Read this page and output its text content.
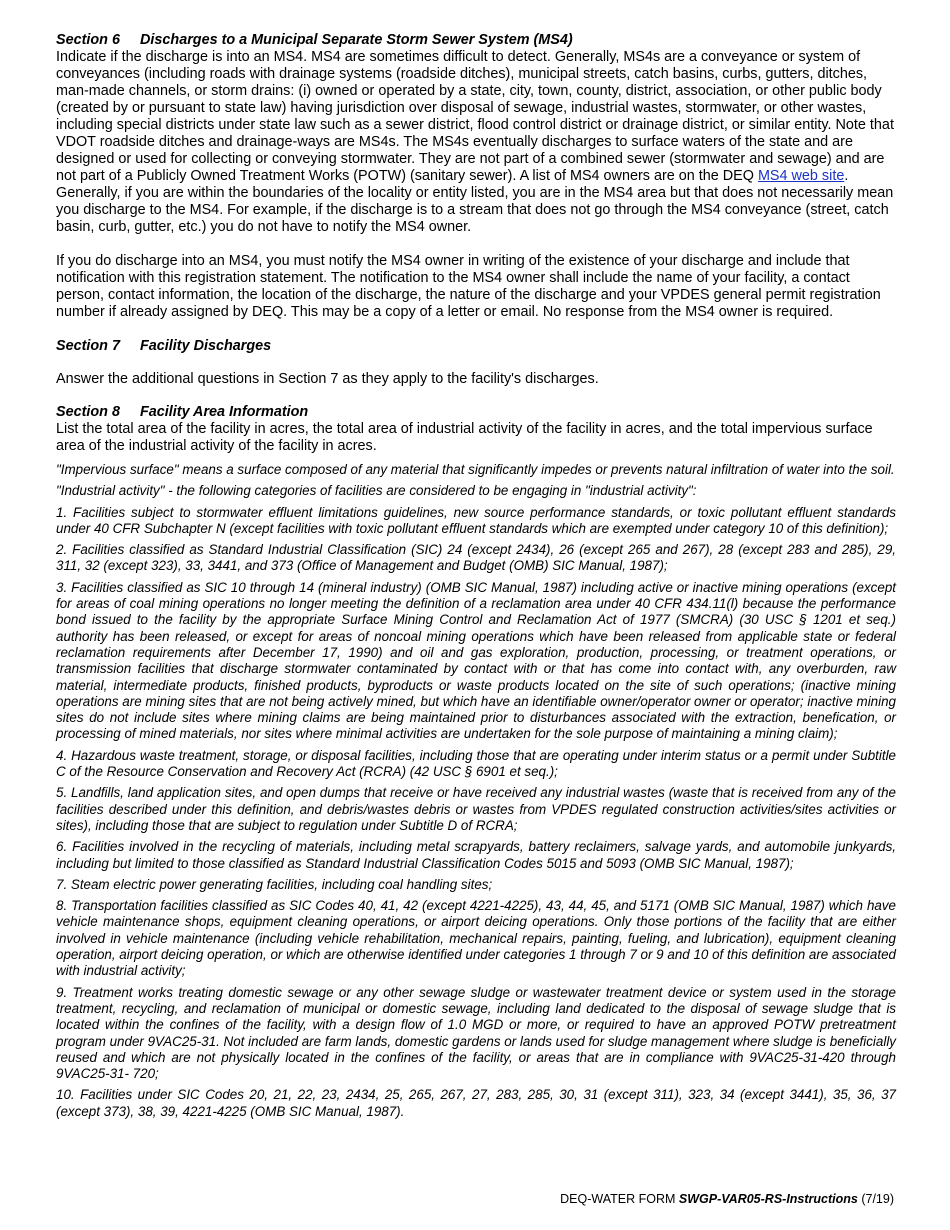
Section 6 Discharges to a Municipal Separate Storm Sewer System (MS4)

Indicate if the discharge is into an MS4. MS4 are sometimes difficult to detect. Generally, MS4s are a conveyance or system of conveyances (including roads with drainage systems (roadside ditches), municipal streets, catch basins, curbs, gutters, ditches, man-made channels, or storm drains: (i) owned or operated by a state, city, town, county, district, association, or other public body (created by or pursuant to state law) having jurisdiction over disposal of sewage, industrial wastes, stormwater, or other wastes, including special districts under state law such as a sewer district, flood control district or drainage district, or similar entity. Note that VDOT roadside ditches and drainage-ways are MS4s. The MS4s eventually discharges to surface waters of the state and are designed or used for collecting or conveying stormwater. They are not part of a combined sewer (stormwater and sewage) and are not part of a Publicly Owned Treatment Works (POTW) (sanitary sewer). A list of MS4 owners are on the DEQ MS4 web site. Generally, if you are within the boundaries of the locality or entity listed, you are in the MS4 area but that does not necessarily mean you discharge to the MS4. For example, if the discharge is to a stream that does not go through the MS4 conveyance (street, catch basin, curb, gutter, etc.) you do not have to notify the MS4 owner.

If you do discharge into an MS4, you must notify the MS4 owner in writing of the existence of your discharge and include that notification with this registration statement. The notification to the MS4 owner shall include the name of your facility, a contact person, contact information, the location of the discharge, the nature of the discharge and your VPDES general permit registration number if already assigned by DEQ. This may be a copy of a letter or email. No response from the MS4 owner is required.

Section 7 Facility Discharges

Answer the additional questions in Section 7 as they apply to the facility's discharges.

Section 8 Facility Area Information

List the total area of the facility in acres, the total area of industrial activity of the facility in acres, and the total impervious surface area of the industrial activity of the facility in acres.

"Impervious surface" means a surface composed of any material that significantly impedes or prevents natural infiltration of water into the soil.

"Industrial activity" - the following categories of facilities are considered to be engaging in "industrial activity":

1. Facilities subject to stormwater effluent limitations guidelines, new source performance standards, or toxic pollutant effluent standards under 40 CFR Subchapter N (except facilities with toxic pollutant effluent standards which are exempted under category 10 of this definition);

2. Facilities classified as Standard Industrial Classification (SIC) 24 (except 2434), 26 (except 265 and 267), 28 (except 283 and 285), 29, 311, 32 (except 323), 33, 3441, and 373 (Office of Management and Budget (OMB) SIC Manual, 1987);

3. Facilities classified as SIC 10 through 14 (mineral industry) (OMB SIC Manual, 1987) including active or inactive mining operations (except for areas of coal mining operations no longer meeting the definition of a reclamation area under 40 CFR 434.11(l) because the performance bond issued to the facility by the appropriate Surface Mining Control and Reclamation Act of 1977 (SMCRA) (30 USC § 1201 et seq.) authority has been released, or except for areas of noncoal mining operations which have been released from applicable state or federal reclamation requirements after December 17, 1990) and oil and gas exploration, production, processing, or treatment operations, or transmission facilities that discharge stormwater contaminated by contact with or that has come into contact with, any overburden, raw material, intermediate products, finished products, byproducts or waste products located on the site of such operations; (inactive mining operations are mining sites that are not being actively mined, but which have an identifiable owner/operator owner or operator; inactive mining sites do not include sites where mining claims are being maintained prior to disturbances associated with the extraction, benefication, or processing of mined materials, nor sites where minimal activities are undertaken for the sole purpose of maintaining a mining claim);

4. Hazardous waste treatment, storage, or disposal facilities, including those that are operating under interim status or a permit under Subtitle C of the Resource Conservation and Recovery Act (RCRA) (42 USC § 6901 et seq.);

5. Landfills, land application sites, and open dumps that receive or have received any industrial wastes (waste that is received from any of the facilities described under this definition, and debris/wastes debris or wastes from VPDES regulated construction activities/sites activities or sites), including those that are subject to regulation under Subtitle D of RCRA;

6. Facilities involved in the recycling of materials, including metal scrapyards, battery reclaimers, salvage yards, and automobile junkyards, including but limited to those classified as Standard Industrial Classification Codes 5015 and 5093 (OMB SIC Manual, 1987);

7. Steam electric power generating facilities, including coal handling sites;

8. Transportation facilities classified as SIC Codes 40, 41, 42 (except 4221-4225), 43, 44, 45, and 5171 (OMB SIC Manual, 1987) which have vehicle maintenance shops, equipment cleaning operations, or airport deicing operations. Only those portions of the facility that are either involved in vehicle maintenance (including vehicle rehabilitation, mechanical repairs, painting, fueling, and lubrication), equipment cleaning operation, airport deicing operation, or which are otherwise identified under categories 1 through 7 or 9 and 10 of this definition are associated with industrial activity;

9. Treatment works treating domestic sewage or any other sewage sludge or wastewater treatment device or system used in the storage treatment, recycling, and reclamation of municipal or domestic sewage, including land dedicated to the disposal of sewage sludge that is located within the confines of the facility, with a design flow of 1.0 MGD or more, or required to have an approved POTW pretreatment program under 9VAC25-31. Not included are farm lands, domestic gardens or lands used for sludge management where sludge is beneficially reused and which are not physically located in the confines of the facility, or areas that are in compliance with 9VAC25-31-420 through 9VAC25-31- 720;

10. Facilities under SIC Codes 20, 21, 22, 23, 2434, 25, 265, 267, 27, 283, 285, 30, 31 (except 311), 323, 34 (except 3441), 35, 36, 37 (except 373), 38, 39, 4221-4225 (OMB SIC Manual, 1987).

DEQ-WATER FORM SWGP-VAR05-RS-Instructions (7/19)
